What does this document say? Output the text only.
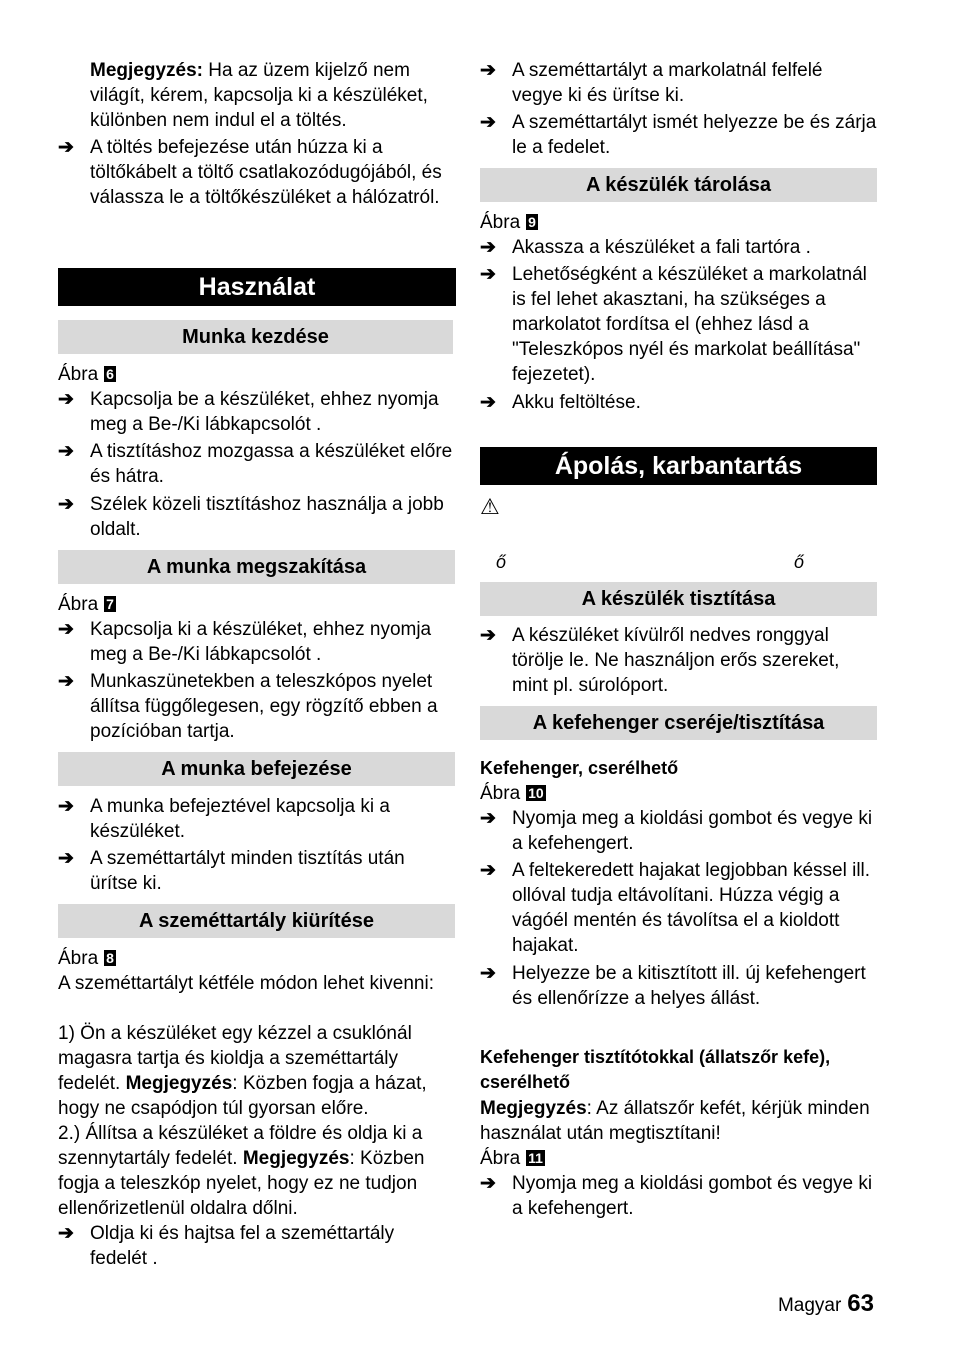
Megjegyzés: Ha az üzem kijelző nem világít, kérem, kapcsolja ki a készüléket, különben nem indul el a töltés.
➔ A töltés befejezése után húzza ki a töltőkábelt a töltő csatlakozódugójából, és válassza le a töltőkészüléket a hálózatról.
Használat
Munka kezdése
Ábra 6
➔ Kapcsolja be a készüléket, ehhez nyomja meg a Be-/Ki lábkapcsolót .
➔ A tisztításhoz mozgassa a készüléket előre és hátra.
➔ Szélek közeli tisztításhoz használja a jobb oldalt.
A munka megszakítása
Ábra 7
➔ Kapcsolja ki a készüléket, ehhez nyomja meg a Be-/Ki lábkapcsolót .
➔ Munkaszünetekben a teleszkópos nyelet állítsa függőlegesen, egy rögzítő ebben a pozícióban tartja.
A munka befejezése
➔ A munka befejeztével kapcsolja ki a készüléket.
➔ A szeméttartályt minden tisztítás után ürítse ki.
A szeméttartály kiürítése
Ábra 8
A szeméttartályt kétféle módon lehet kivenni:
1) Ön a készüléket egy kézzel a csuklónál magasra tartja és kioldja a szeméttartály fedelét. Megjegyzés: Közben fogja a házat, hogy ne csapódjon túl gyorsan előre.
2.) Állítsa a készüléket a földre és oldja ki a szennytartály fedelét. Megjegyzés: Közben fogja a teleszkóp nyelet, hogy ez ne tudjon ellenőrizetlenül oldalra dőlni.
➔ Oldja ki és hajtsa fel a szeméttartály fedelét .
➔ A szeméttartályt a markolatnál felfelé vegye ki és ürítse ki.
➔ A szeméttartályt ismét helyezze be és zárja le a fedelet.
A készülék tárolása
Ábra 9
➔ Akassza a készüléket a fali tartóra .
➔ Lehetőségként a készüléket a markolatnál is fel lehet akasztani, ha szükséges a markolatot fordítsa el (ehhez lásd a "Teleszkópos nyél és markolat beállítása" fejezetet).
➔ Akku feltöltése.
Ápolás, karbantartás
⚠
ő	ő
A készülék tisztítása
➔ A készüléket kívülről nedves ronggyal törölje le. Ne használjon erős szereket, mint pl. súrolóport.
A kefehenger cseréje/tisztítása
Kefehenger, cserélhető
Ábra 10
➔ Nyomja meg a kioldási gombot és vegye ki a kefehengert.
➔ A feltekeredett hajakat legjobban késsel ill. ollóval tudja eltávolítani. Húzza végig a vágóél mentén és távolítsa el a kioldott hajakat.
➔ Helyezze be a kitisztított ill. új kefehengert és ellenőrízze a helyes állást.
Kefehenger tisztítótokkal (állatszőr kefe), cserélhető
Megjegyzés: Az állatszőr kefét, kérjük minden használat után megtisztítani!
Ábra 11
➔ Nyomja meg a kioldási gombot és vegye ki a kefehengert.
Magyar 63
